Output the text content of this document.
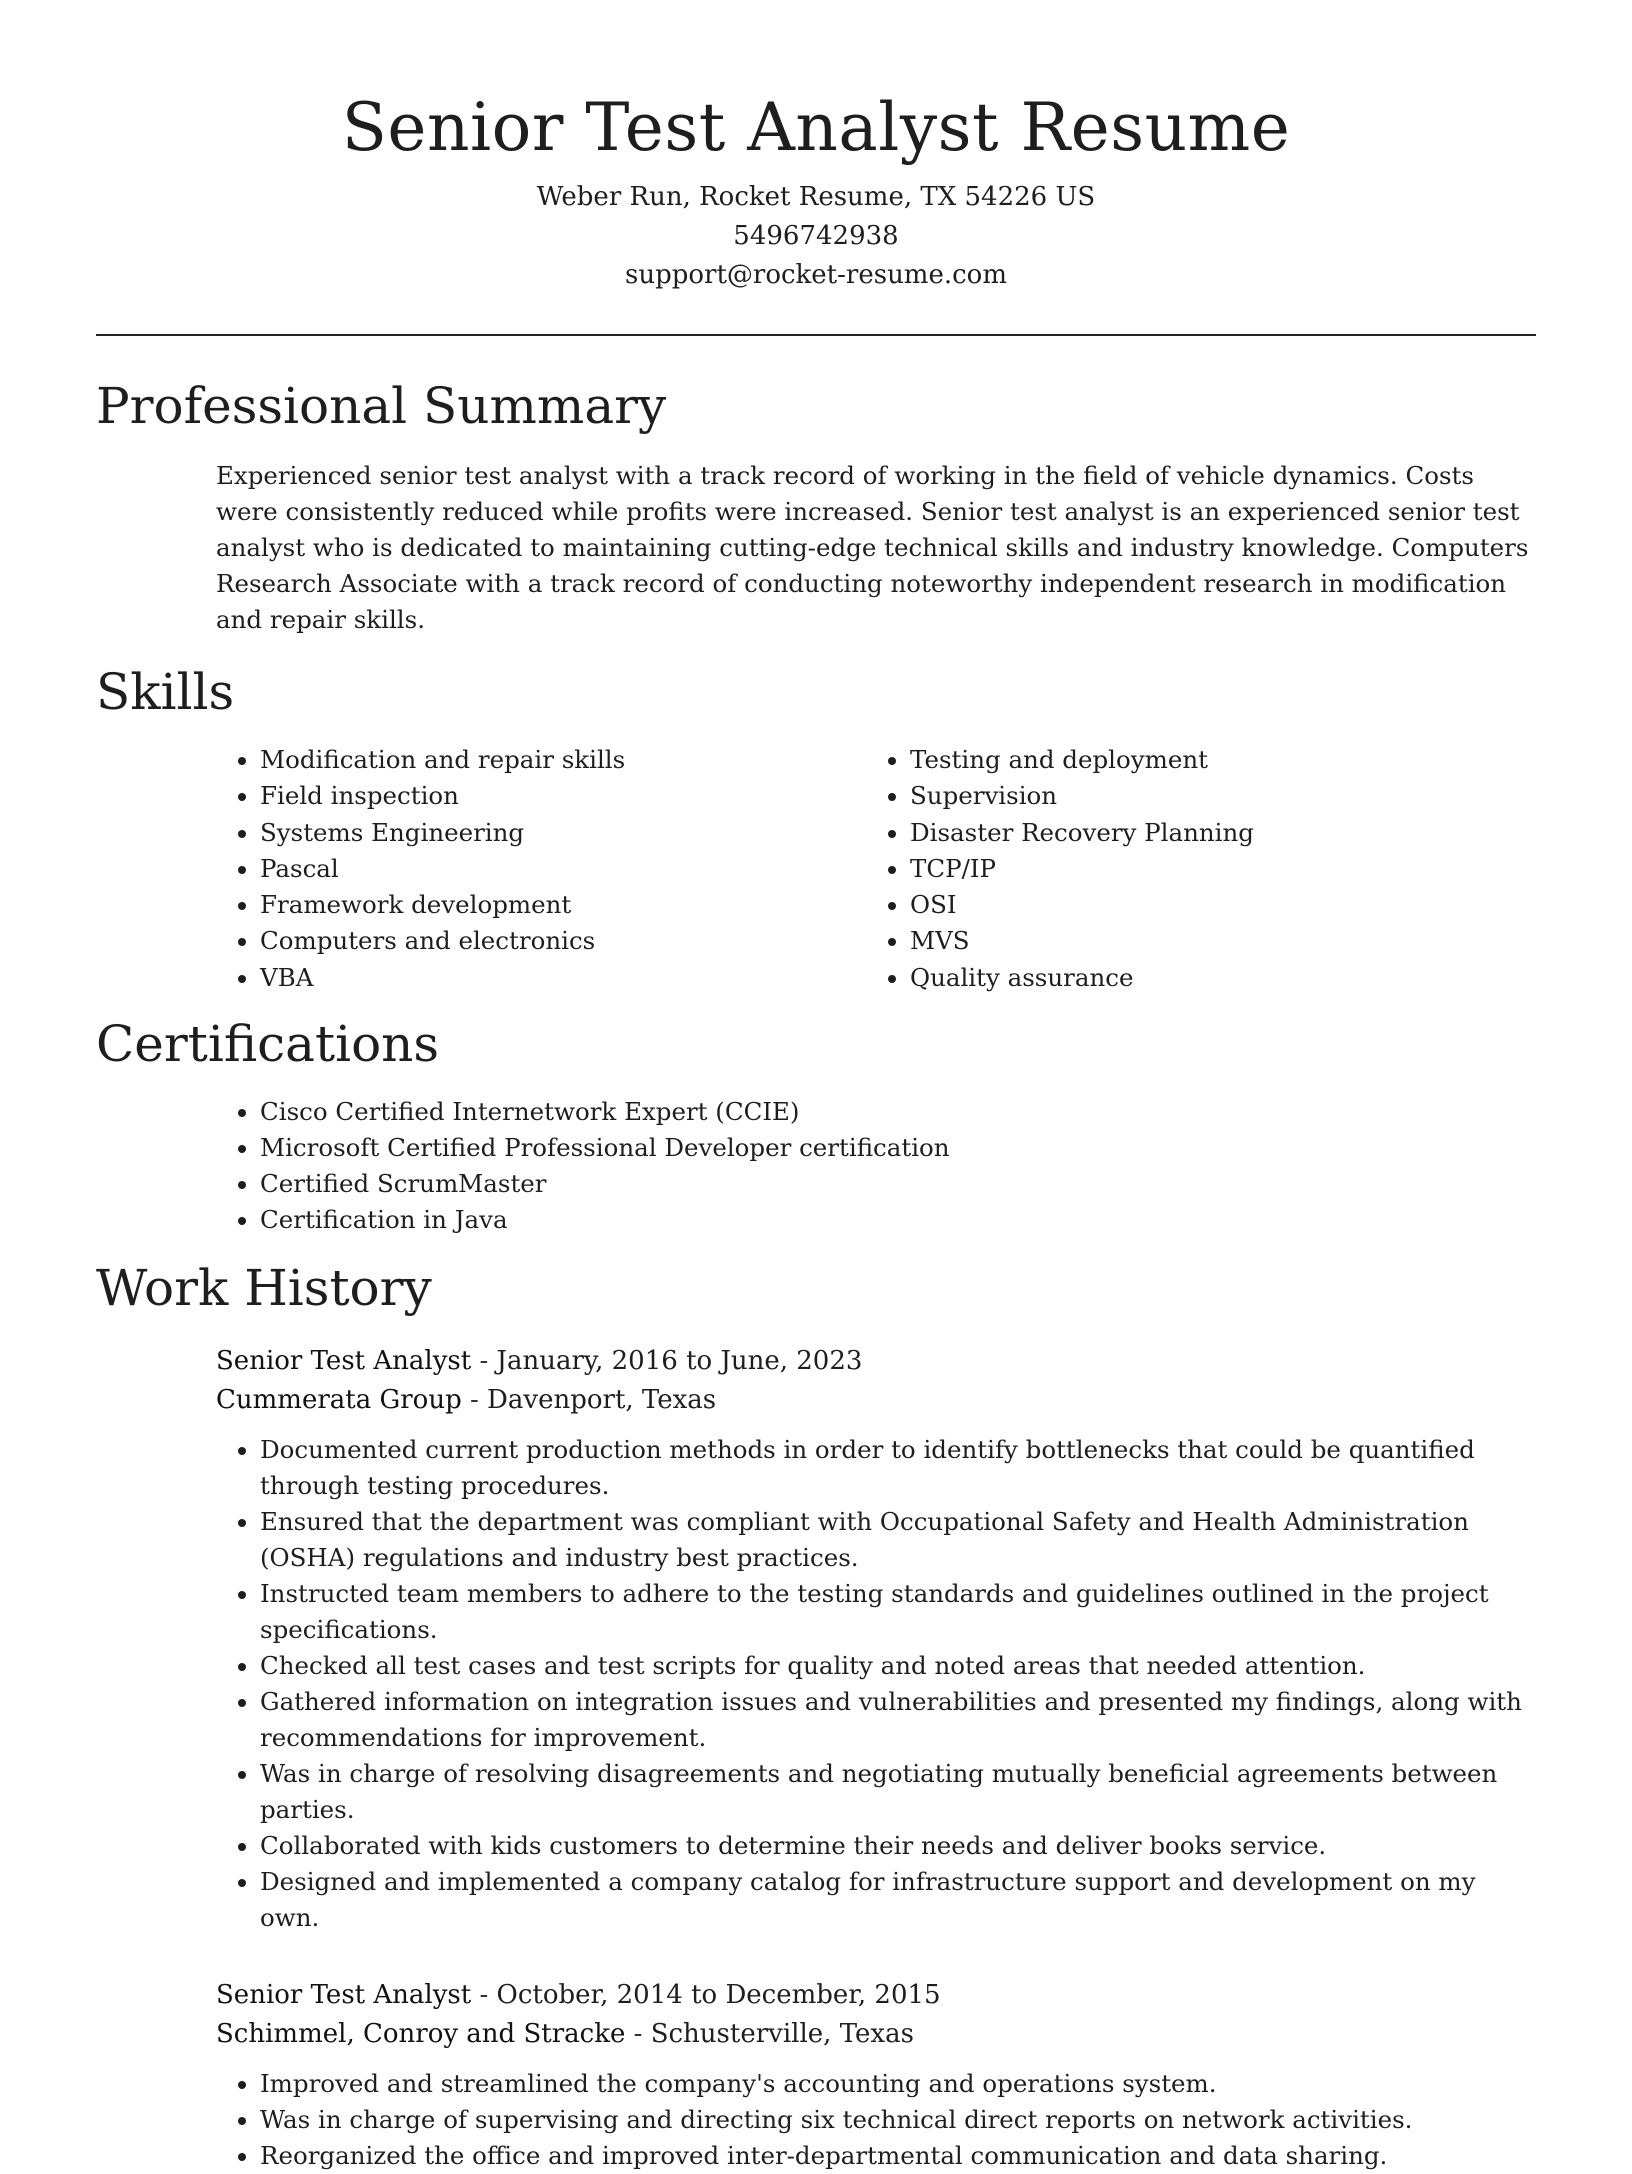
Senior Test Analyst Resume
Weber Run, Rocket Resume, TX 54226 US
5496742938
support@rocket-resume.com
Professional Summary

Experienced senior test analyst with a track record of working in the field of vehicle dynamics. Costs were consistently reduced while profits were increased. Senior test analyst is an experienced senior test analyst who is dedicated to maintaining cutting-edge technical skills and industry knowledge. Computers Research Associate with a track record of conducting noteworthy independent research in modification and repair skills.

Skills
• Modification and repair skills
• Field inspection
• Systems Engineering
• Pascal
• Framework development
• Computers and electronics
• VBA
• Testing and deployment
• Supervision
• Disaster Recovery Planning
• TCP/IP
• OSI
• MVS
• Quality assurance
Certifications
• Cisco Certified Internetwork Expert (CCIE)
• Microsoft Certified Professional Developer certification
• Certified ScrumMaster
• Certification in Java
Work History
Senior Test Analyst - January, 2016 to June, 2023
Cummerata Group - Davenport, Texas
• Documented current production methods in order to identify bottlenecks that could be quantified through testing procedures.
• Ensured that the department was compliant with Occupational Safety and Health Administration (OSHA) regulations and industry best practices.
• Instructed team members to adhere to the testing standards and guidelines outlined in the project specifications.
• Checked all test cases and test scripts for quality and noted areas that needed attention.
• Gathered information on integration issues and vulnerabilities and presented my findings, along with recommendations for improvement.
• Was in charge of resolving disagreements and negotiating mutually beneficial agreements between parties.
• Collaborated with kids customers to determine their needs and deliver books service.
• Designed and implemented a company catalog for infrastructure support and development on my own.
Senior Test Analyst - October, 2014 to December, 2015
Schimmel, Conroy and Stracke - Schusterville, Texas
• Improved and streamlined the company's accounting and operations system.
• Was in charge of supervising and directing six technical direct reports on network activities.
• Reorganized the office and improved inter-departmental communication and data sharing.
